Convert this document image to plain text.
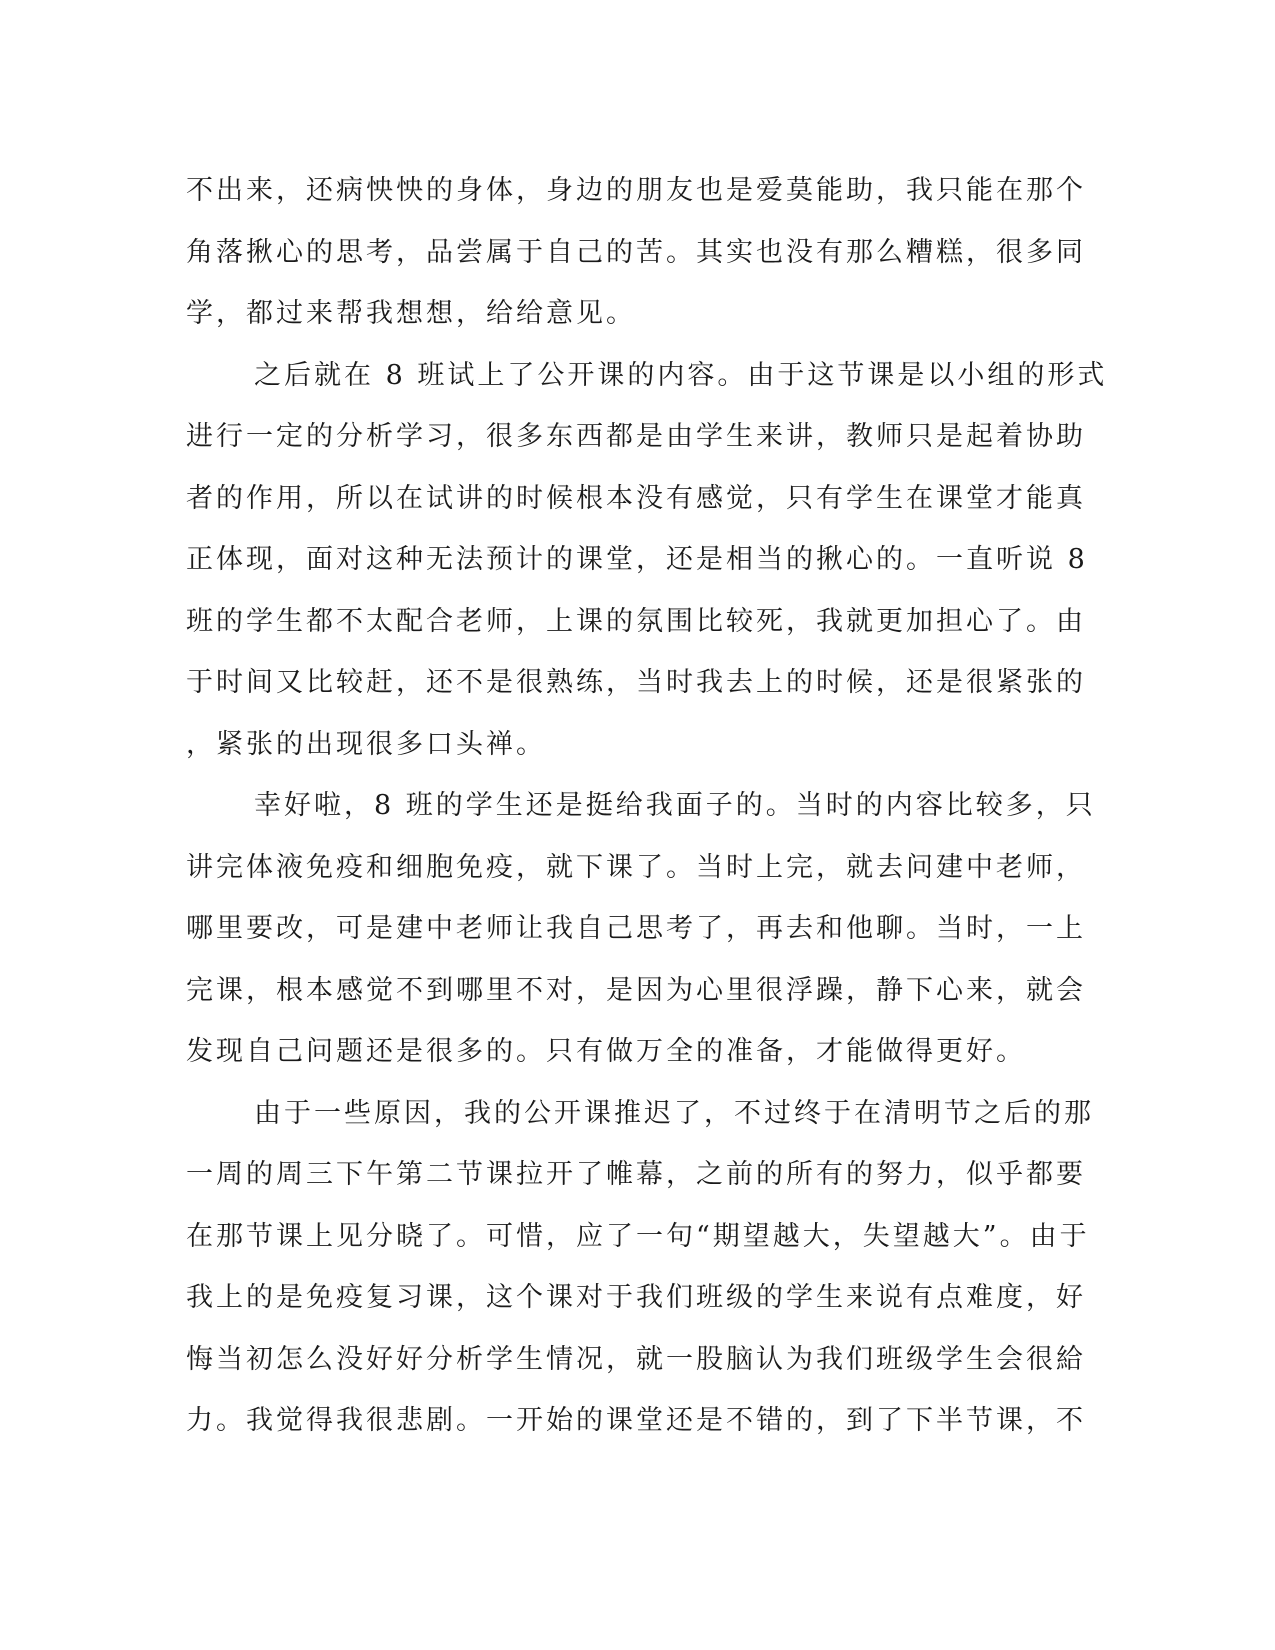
不出来，还病怏怏的身体，身边的朋友也是爱莫能助，我只能在那个
角落揪心的思考，品尝属于自己的苦。其实也没有那么糟糕，很多同
学，都过来帮我想想，给给意见。
之后就在 8 班试上了公开课的内容。由于这节课是以小组的形式
进行一定的分析学习，很多东西都是由学生来讲，教师只是起着协助
者的作用，所以在试讲的时候根本没有感觉，只有学生在课堂才能真
正体现，面对这种无法预计的课堂，还是相当的揪心的。一直听说 8
班的学生都不太配合老师，上课的氛围比较死，我就更加担心了。由
于时间又比较赶，还不是很熟练，当时我去上的时候，还是很紧张的
，紧张的出现很多口头禅。
幸好啦，8 班的学生还是挺给我面子的。当时的内容比较多，只
讲完体液免疫和细胞免疫，就下课了。当时上完，就去问建中老师，
哪里要改，可是建中老师让我自己思考了，再去和他聊。当时，一上
完课，根本感觉不到哪里不对，是因为心里很浮躁，静下心来，就会
发现自己问题还是很多的。只有做万全的准备，才能做得更好。
由于一些原因，我的公开课推迟了，不过终于在清明节之后的那
一周的周三下午第二节课拉开了帷幕，之前的所有的努力，似乎都要
在那节课上见分晓了。可惜，应了一句“期望越大，失望越大”。由于
我上的是免疫复习课，这个课对于我们班级的学生来说有点难度，好
悔当初怎么没好好分析学生情况，就一股脑认为我们班级学生会很給
力。我觉得我很悲剧。一开始的课堂还是不错的，到了下半节课，不
